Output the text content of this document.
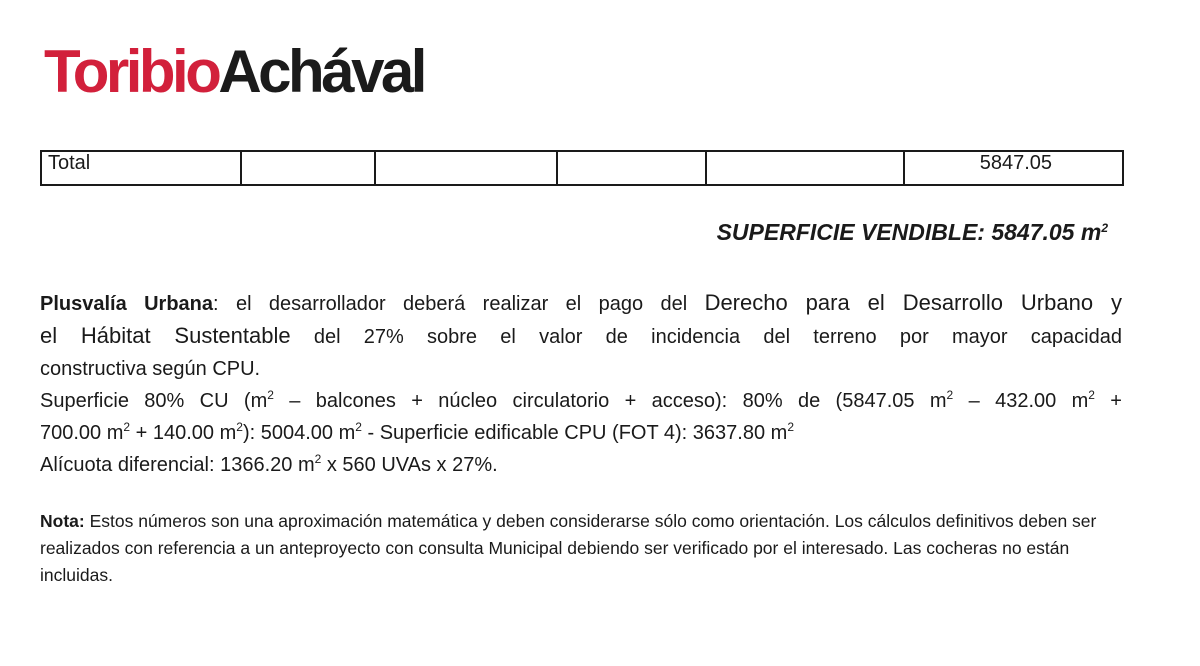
ToribioAchával
Total					5847.05
SUPERFICIE VENDIBLE: 5847.05 $m^2$
Plusvalía Urbana: el desarrollador deberá realizar el pago del Derecho para el Desarrollo Urbano y
el Hábitat Sustentable del 27% sobre el valor de incidencia del terreno por mayor capacidad
constructiva según CPU.
Superficie 80% CU ($m^2$ – balcones + núcleo circulatorio + acceso): 80% de (5847.05 $m^2 - 432.00$ $m^2$ +
700.00 $m^2 + 140.00$ $m^2$): 5004.00 $m^2$ - Superficie edificable CPU (FOT 4): 3637.80 $m^2$
Alícuota diferencial: 1366.20 $m^2$ x 560 UVAs x 27%.
Nota: Estos números son una aproximación matemática y deben considerarse sólo como orientación. Los cálculos definitivos deben ser realizados con referencia a un anteproyecto con consulta Municipal debiendo ser verificado por el interesado. Las cocheras no están incluidas.
